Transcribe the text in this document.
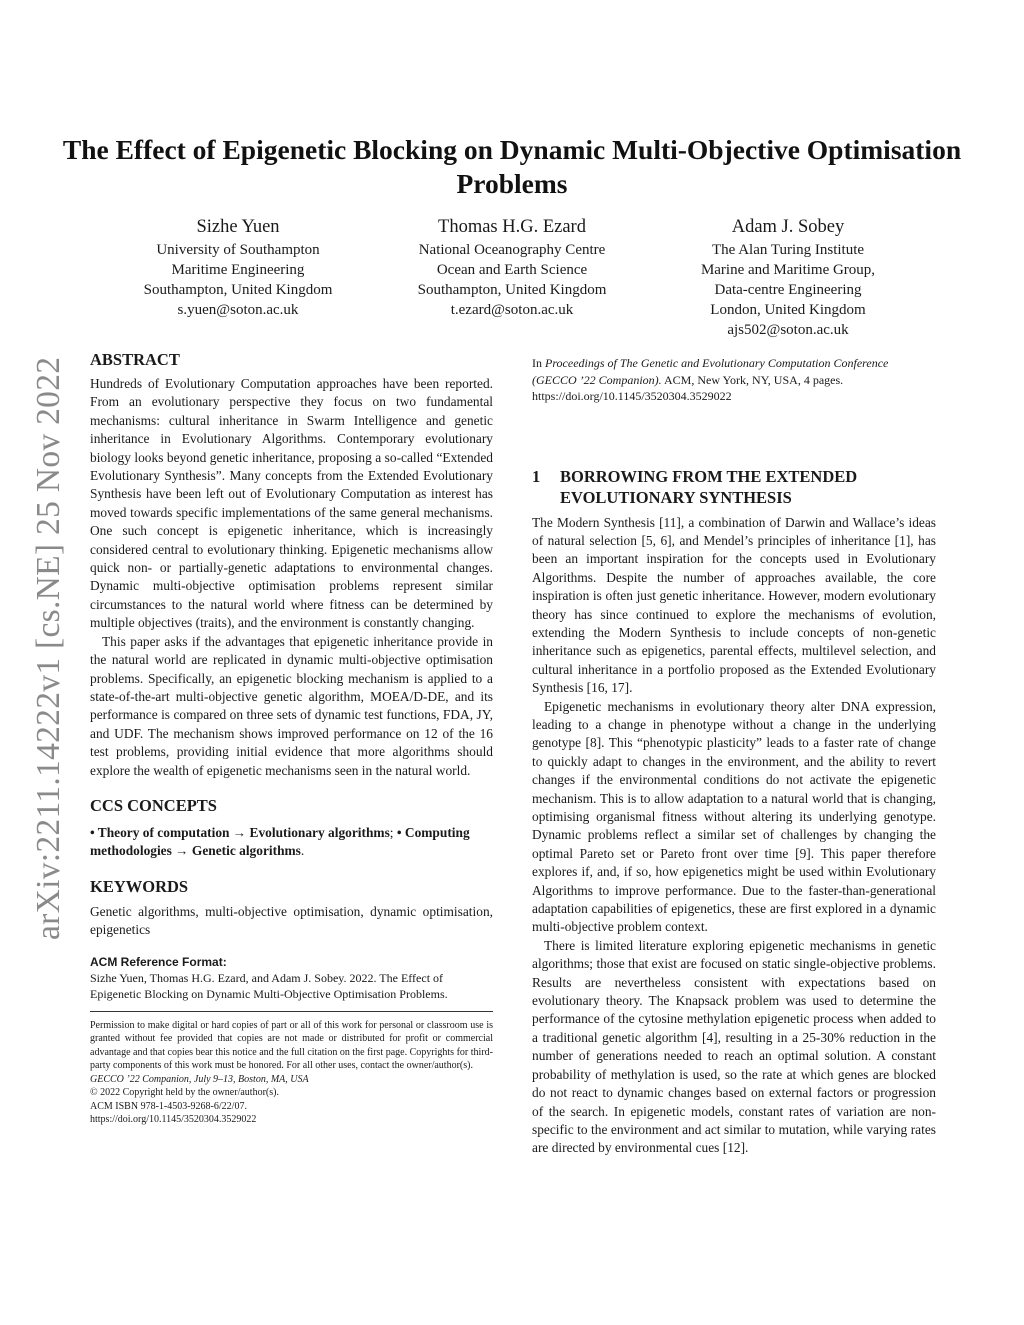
arXiv:2211.14222v1 [cs.NE] 25 Nov 2022
The Effect of Epigenetic Blocking on Dynamic Multi-Objective Optimisation Problems
Sizhe Yuen
University of Southampton
Maritime Engineering
Southampton, United Kingdom
s.yuen@soton.ac.uk
Thomas H.G. Ezard
National Oceanography Centre
Ocean and Earth Science
Southampton, United Kingdom
t.ezard@soton.ac.uk
Adam J. Sobey
The Alan Turing Institute
Marine and Maritime Group,
Data-centre Engineering
London, United Kingdom
ajs502@soton.ac.uk
ABSTRACT

Hundreds of Evolutionary Computation approaches have been reported. From an evolutionary perspective they focus on two fundamental mechanisms: cultural inheritance in Swarm Intelligence and genetic inheritance in Evolutionary Algorithms. Contemporary evolutionary biology looks beyond genetic inheritance, proposing a so-called “Extended Evolutionary Synthesis”. Many concepts from the Extended Evolutionary Synthesis have been left out of Evolutionary Computation as interest has moved towards specific implementations of the same general mechanisms. One such concept is epigenetic inheritance, which is increasingly considered central to evolutionary thinking. Epigenetic mechanisms allow quick non- or partially-genetic adaptations to environmental changes. Dynamic multi-objective optimisation problems represent similar circumstances to the natural world where fitness can be determined by multiple objectives (traits), and the environment is constantly changing.

This paper asks if the advantages that epigenetic inheritance provide in the natural world are replicated in dynamic multi-objective optimisation problems. Specifically, an epigenetic blocking mechanism is applied to a state-of-the-art multi-objective genetic algorithm, MOEA/D-DE, and its performance is compared on three sets of dynamic test functions, FDA, JY, and UDF. The mechanism shows improved performance on 12 of the 16 test problems, providing initial evidence that more algorithms should explore the wealth of epigenetic mechanisms seen in the natural world.

CCS CONCEPTS

• Theory of computation → Evolutionary algorithms; • Computing methodologies → Genetic algorithms.

KEYWORDS

Genetic algorithms, multi-objective optimisation, dynamic optimisation, epigenetics

ACM Reference Format:
Sizhe Yuen, Thomas H.G. Ezard, and Adam J. Sobey. 2022. The Effect of Epigenetic Blocking on Dynamic Multi-Objective Optimisation Problems.
Permission to make digital or hard copies of part or all of this work for personal or classroom use is granted without fee provided that copies are not made or distributed for profit or commercial advantage and that copies bear this notice and the full citation on the first page. Copyrights for third-party components of this work must be honored. For all other uses, contact the owner/author(s).
GECCO ’22 Companion, July 9–13, Boston, MA, USA
© 2022 Copyright held by the owner/author(s).
ACM ISBN 978-1-4503-9268-6/22/07.
https://doi.org/10.1145/3520304.3529022

In Proceedings of The Genetic and Evolutionary Computation Conference (GECCO ’22 Companion). ACM, New York, NY, USA, 4 pages. https://doi.org/10.1145/3520304.3529022

1	BORROWING FROM THE EXTENDED EVOLUTIONARY SYNTHESIS

The Modern Synthesis [11], a combination of Darwin and Wallace’s ideas of natural selection [5, 6], and Mendel’s principles of inheritance [1], has been an important inspiration for the concepts used in Evolutionary Algorithms. Despite the number of approaches available, the core inspiration is often just genetic inheritance. However, modern evolutionary theory has since continued to explore the mechanisms of evolution, extending the Modern Synthesis to include concepts of non-genetic inheritance such as epigenetics, parental effects, multilevel selection, and cultural inheritance in a portfolio proposed as the Extended Evolutionary Synthesis [16, 17].

Epigenetic mechanisms in evolutionary theory alter DNA expression, leading to a change in phenotype without a change in the underlying genotype [8]. This “phenotypic plasticity” leads to a faster rate of change to quickly adapt to changes in the environment, and the ability to revert changes if the environmental conditions do not activate the epigenetic mechanism. This is to allow adaptation to a natural world that is changing, optimising organismal fitness without altering its underlying genotype. Dynamic problems reflect a similar set of challenges by changing the optimal Pareto set or Pareto front over time [9]. This paper therefore explores if, and, if so, how epigenetics might be used within Evolutionary Algorithms to improve performance. Due to the faster-than-generational adaptation capabilities of epigenetics, these are first explored in a dynamic multi-objective problem context.

There is limited literature exploring epigenetic mechanisms in genetic algorithms; those that exist are focused on static single-objective problems. Results are nevertheless consistent with expectations based on evolutionary theory. The Knapsack problem was used to determine the performance of the cytosine methylation epigenetic process when added to a traditional genetic algorithm [4], resulting in a 25-30% reduction in the number of generations needed to reach an optimal solution. A constant probability of methylation is used, so the rate at which genes are blocked do not react to dynamic changes based on external factors or progression of the search. In epigenetic models, constant rates of variation are non-specific to the environment and act similar to mutation, while varying rates are directed by environmental cues [12].
